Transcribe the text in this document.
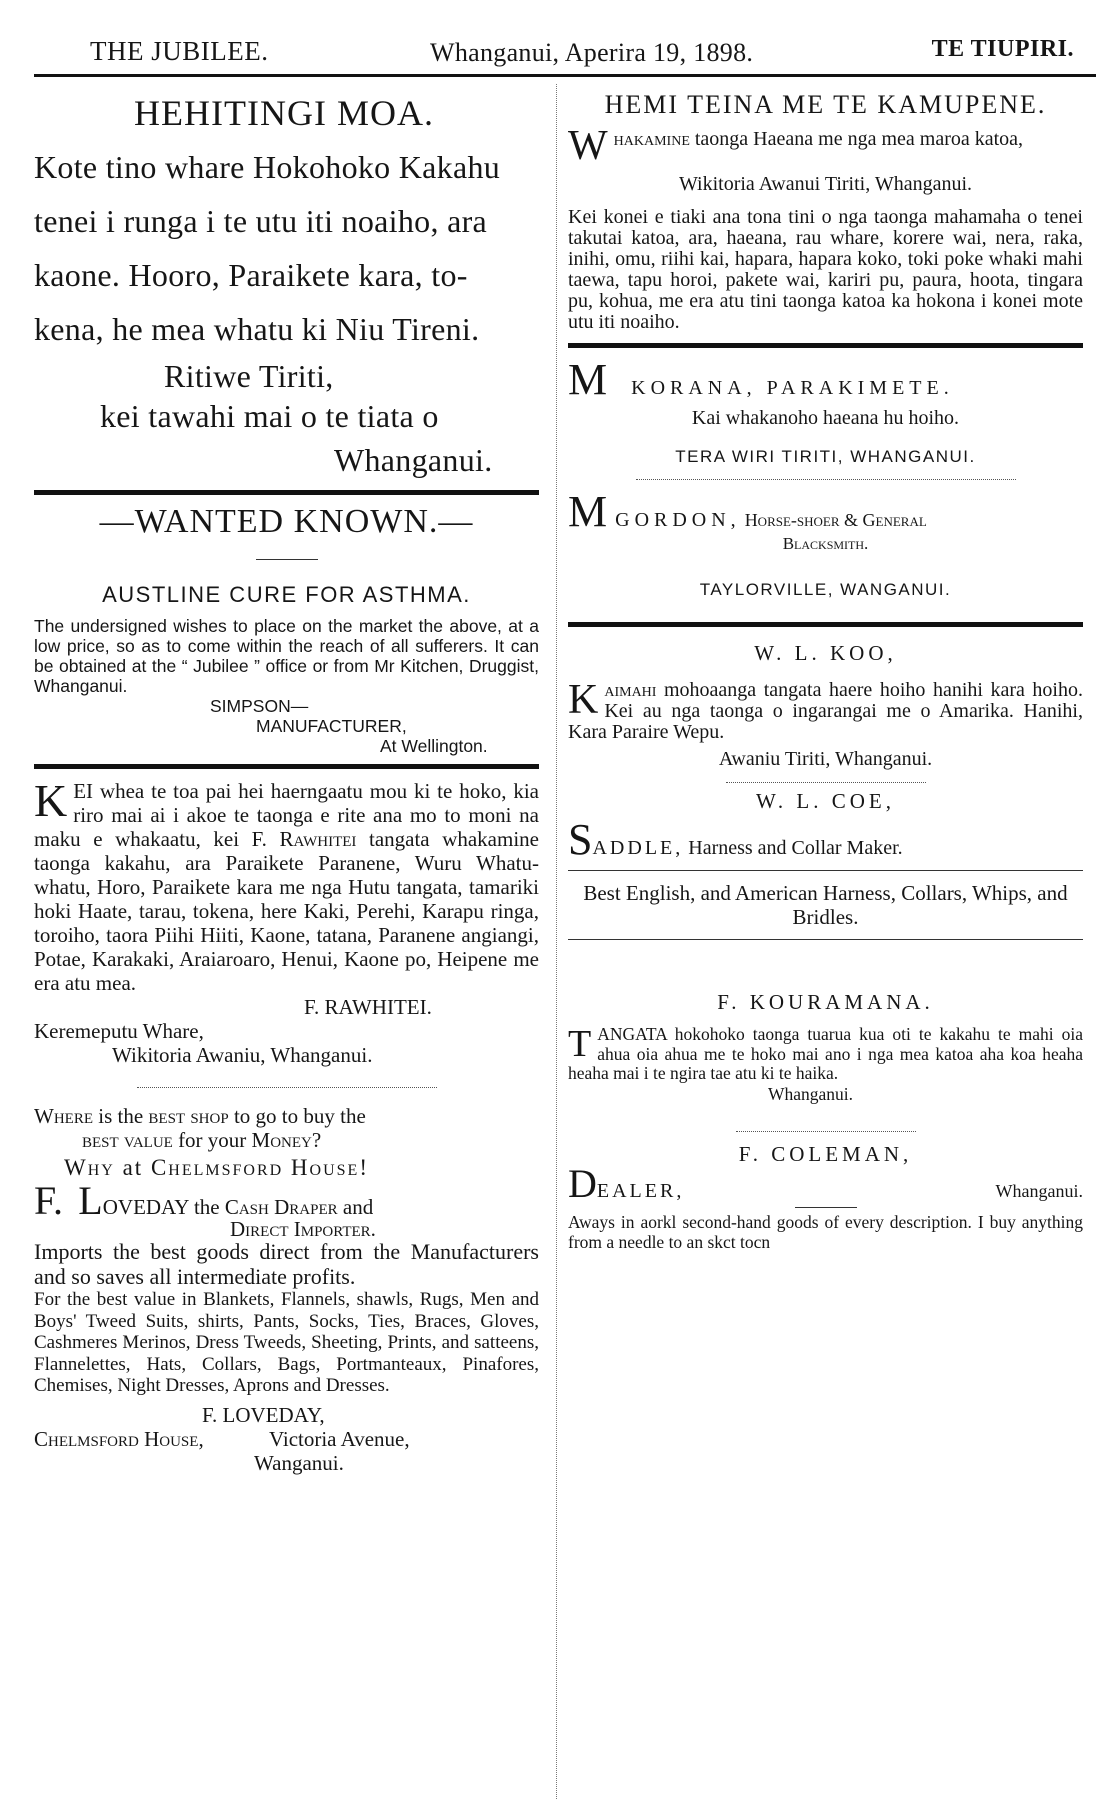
THE JUBILEE.	Whanganui, Aperira 19, 1898.	TE TIUPIRI.
HEHITINGI MOA.
Kote tino whare Hokohoko Kakahu
tenei i runga i te utu iti noaiho, ara
kaone. Hooro, Paraikete kara, to-
kena, he mea whatu ki Niu Tireni.
Ritiwe Tiriti,
kei tawahi mai o te tiata o
Whanganui.
—WANTED KNOWN.—
AUSTLINE CURE FOR ASTHMA.
The undersigned wishes to place on the market the above, at a low price, so as to come within the reach of all sufferers. It can be obtained at the “ Jubilee ” office or from Mr Kitchen, Druggist, Whanganui.
SIMPSON—
MANUFACTURER,
At Wellington.

KEI whea te toa pai hei haerngaatu mou ki te hoko, kia riro mai ai i akoe te taonga e rite ana mo to moni na maku e whakaatu, kei F. Rawhitei tangata whakamine taonga kakahu, ara Paraikete Paranene, Wuru Whatu-whatu, Horo, Paraikete kara me nga Hutu tangata, tamariki hoki Haate, tarau, tokena, here Kaki, Perehi, Karapu ringa, toroiho, taora Piihi Hiiti, Kaone, tatana, Paranene angiangi, Potae, Karakaki, Araiaroaro, Henui, Kaone po, Heipene me era atu mea.

F. RAWHITEI.
Keremeputu Whare,
Wikitoria Awaniu, Whanganui.
Where is the best shop to go to buy the
best value for your Money?
Why at Chelmsford House!
F. LOVEDAY the Cash Draper and
Direct Importer.

Imports the best goods direct from the Manufacturers and so saves all intermediate profits.

For the best value in Blankets, Flannels, shawls, Rugs, Men and Boys' Tweed Suits, shirts, Pants, Socks, Ties, Braces, Gloves, Cashmeres Merinos, Dress Tweeds, Sheeting, Prints, and satteens, Flannelettes, Hats, Collars, Bags, Portmanteaux, Pinafores, Chemises, Night Dresses, Aprons and Dresses.

F. LOVEDAY,
Chelmsford House,	Victoria Avenue,
Wanganui.
HEMI TEINA ME TE KAMUPENE.

Whakamine taonga Haeana me nga mea maroa katoa,

Wikitoria Awanui Tiriti, Whanganui.

Kei konei e tiaki ana tona tini o nga taonga mahamaha o tenei takutai katoa, ara, haeana, rau whare, korere wai, nera, raka, inihi, omu, riihi kai, hapara, hapara koko, toki poke whaki mahi taewa, tapu horoi, pakete wai, kariri pu, paura, hoota, tingara pu, kohua, me era atu tini taonga katoa ka hokona i konei mote utu iti noaiho.

M KORANA, PARAKIMETE.
Kai whakanoho haeana hu hoiho.
TERA WIRI TIRITI, WHANGANUI.
M GORDON, Horse-shoer & General
Blacksmith.
TAYLORVILLE, WANGANUI.
W. L. KOO,

Kaimahi mohoaanga tangata haere hoiho hanihi kara hoiho. Kei au nga taonga o ingarangai me o Amarika. Hanihi, Kara Paraire Wepu.

Awaniu Tiriti, Whanganui.
W. L. COE,
SADDLE, Harness and Collar Maker.

Best English, and American Harness, Collars, Whips, and Bridles.

F. KOURAMANA.

TANGATA hokohoko taonga tuarua kua oti te kakahu te mahi oia ahua oia ahua me te hoko mai ano i nga mea katoa aha koa heaha heaha mai i te ngira tae atu ki te haika.

Whanganui.
F. COLEMAN,
DEALER,	Whanganui.

Aways in aorkl second-hand goods of every description. I buy anything from a needle to an skct tocn
